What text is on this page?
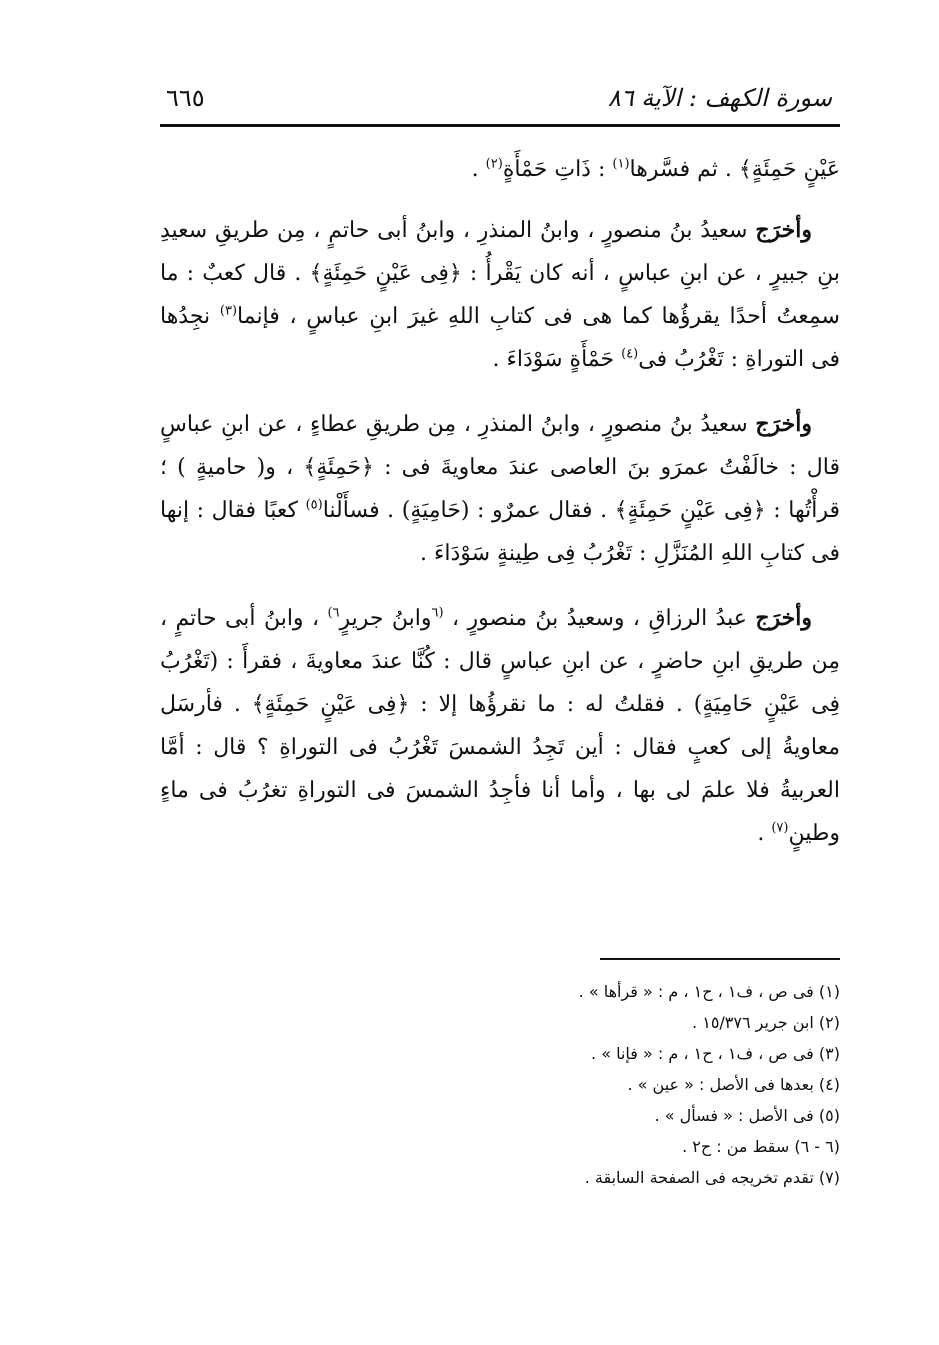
سورة الكهف : الآية ٨٦
٦٦٥

عَيْنٍ حَمِئَةٍ﴾ . ثم فسَّرها$^{(١)}$ : ذَاتِ حَمْأَةٍ$^{(٢)}$ .

وأخرَج سعيدُ بنُ منصورٍ ، وابنُ المنذرِ ، وابنُ أبى حاتمٍ ، مِن طريقِ سعيدِ بنِ جبيرٍ ، عن ابنِ عباسٍ ، أنه كان يَقْرأُ : ﴿فِى عَيْنٍ حَمِئَةٍ﴾ . قال كعبٌ : ما سمِعتُ أحدًا يقرؤُها كما هى فى كتابِ اللهِ غيرَ ابنِ عباسٍ ، فإنما$^{(٣)}$ نجِدُها فى التوراةِ : تَغْرُبُ فى$^{(٤)}$ حَمْأَةٍ سَوْدَاءَ .

وأخرَج سعيدُ بنُ منصورٍ ، وابنُ المنذرِ ، مِن طريقِ عطاءٍ ، عن ابنِ عباسٍ قال : خالَفْتُ عمرَو بنَ العاصى عندَ معاويةَ فى : ﴿حَمِئَةٍ﴾ ، و( حاميةٍ ) ؛ قرأْتُها : ﴿فِى عَيْنٍ حَمِئَةٍ﴾ . فقال عمرٌو : (حَامِيَةٍ) . فسأَلْنا$^{(٥)}$ كعبًا فقال : إنها فى كتابِ اللهِ المُنَزَّلِ : تَغْرُبُ فِى طِينةٍ سَوْدَاءَ .

وأخرَج عبدُ الرزاقِ ، وسعيدُ بنُ منصورٍ ، $^{(٦}$وابنُ جريرٍ$^{٦)}$ ، وابنُ أبى حاتمٍ ، مِن طريقِ ابنِ حاضرٍ ، عن ابنِ عباسٍ قال : كُنَّا عندَ معاويةَ ، فقرأَ : (تَغْرُبُ فِى عَيْنٍ حَامِيَةٍ) . فقلتُ له : ما نقرؤُها إلا : ﴿فِى عَيْنٍ حَمِئَةٍ﴾ . فأرسَل معاويةُ إلى كعبٍ فقال : أين تَجِدُ الشمسَ تَغْرُبُ فى التوراةِ ؟ قال : أمَّا العربيةُ فلا علمَ لى بها ، وأما أنا فأجِدُ الشمسَ فى التوراةِ تغرُبُ فى ماءٍ وطينٍ$^{(٧)}$ .

(١) فى ص ، ف١ ، ح١ ، م : « قرأها » .
(٢) ابن جرير ١٥/٣٧٦ .
(٣) فى ص ، ف١ ، ح١ ، م : « فإنا » .
(٤) بعدها فى الأصل : « عين » .
(٥) فى الأصل : « فسأل » .
(٦ - ٦) سقط من : ح٢ .
(٧) تقدم تخريجه فى الصفحة السابقة .
